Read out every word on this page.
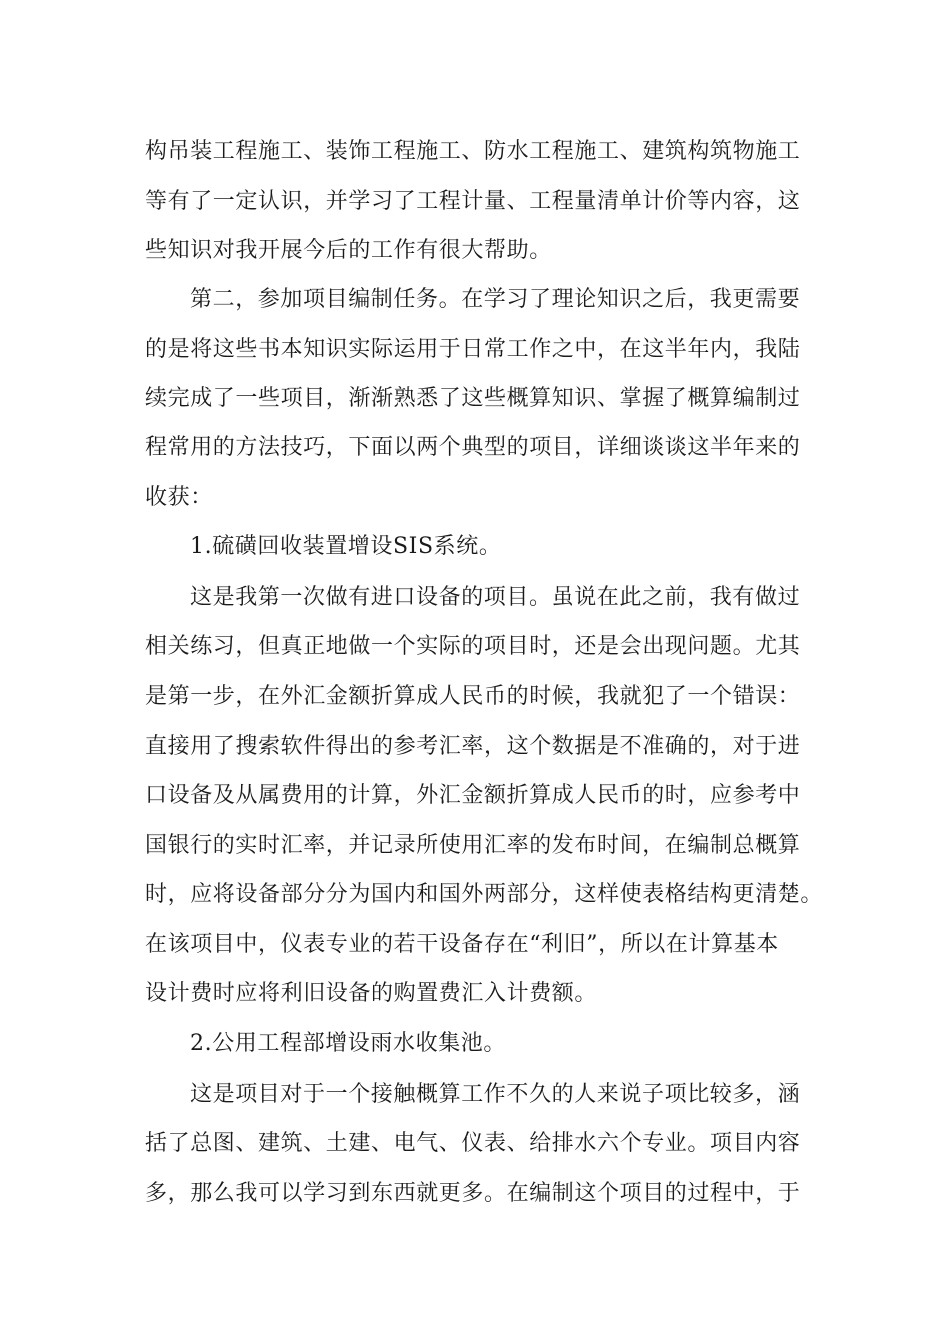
构吊装工程施工、装饰工程施工、防水工程施工、建筑构筑物施工
等有了一定认识，并学习了工程计量、工程量清单计价等内容，这
些知识对我开展今后的工作有很大帮助。
第二，参加项目编制任务。在学习了理论知识之后，我更需要
的是将这些书本知识实际运用于日常工作之中，在这半年内，我陆
续完成了一些项目，渐渐熟悉了这些概算知识、掌握了概算编制过
程常用的方法技巧，下面以两个典型的项目，详细谈谈这半年来的
收获：
1.硫磺回收装置增设SIS系统。
这是我第一次做有进口设备的项目。虽说在此之前，我有做过
相关练习，但真正地做一个实际的项目时，还是会出现问题。尤其
是第一步，在外汇金额折算成人民币的时候，我就犯了一个错误：
直接用了搜索软件得出的参考汇率，这个数据是不准确的，对于进
口设备及从属费用的计算，外汇金额折算成人民币的时，应参考中
国银行的实时汇率，并记录所使用汇率的发布时间，在编制总概算
时，应将设备部分分为国内和国外两部分，这样使表格结构更清楚。
在该项目中，仪表专业的若干设备存在“利旧”，所以在计算基本
设计费时应将利旧设备的购置费汇入计费额。
2.公用工程部增设雨水收集池。
这是项目对于一个接触概算工作不久的人来说子项比较多，涵
括了总图、建筑、土建、电气、仪表、给排水六个专业。项目内容
多，那么我可以学习到东西就更多。在编制这个项目的过程中，于
